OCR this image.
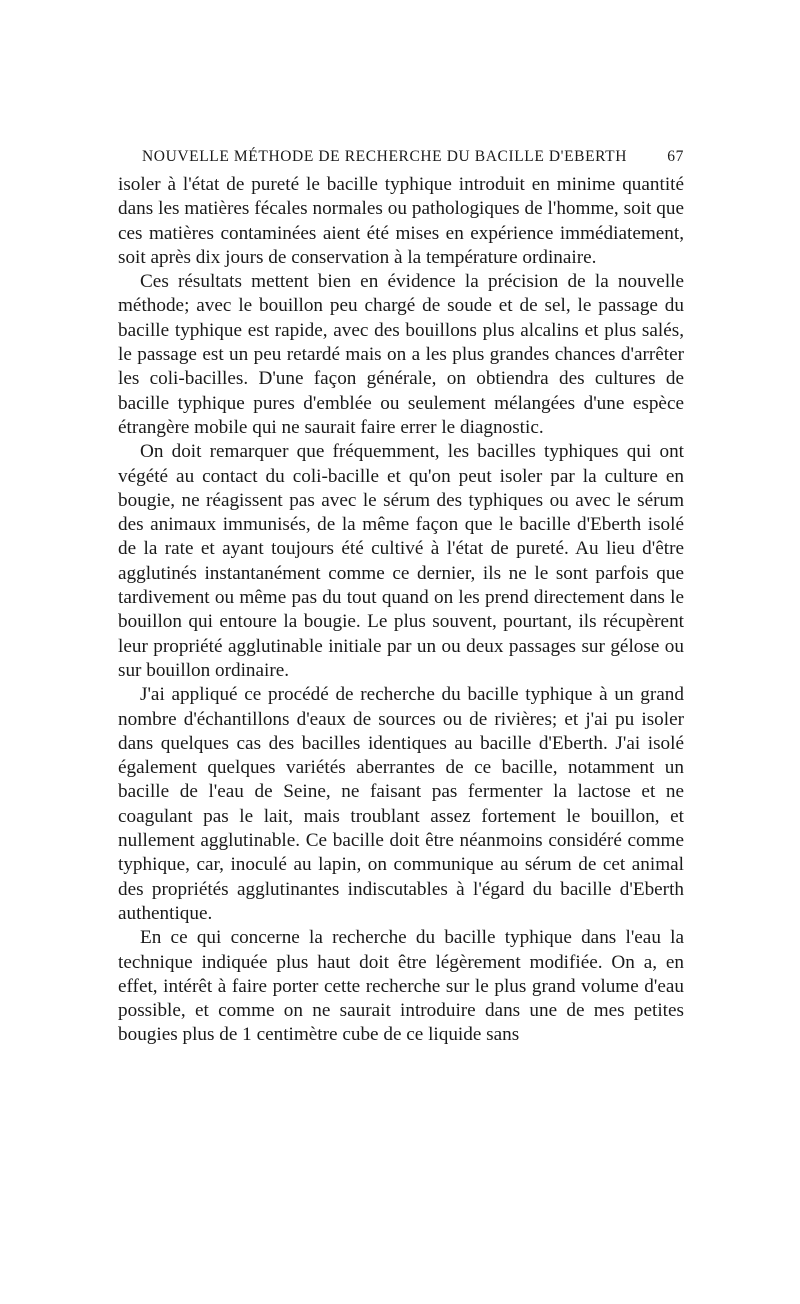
NOUVELLE MÉTHODE DE RECHERCHE DU BACILLE D'EBERTH	67

isoler à l'état de pureté le bacille typhique introduit en minime quantité dans les matières fécales normales ou pathologiques de l'homme, soit que ces matières contaminées aient été mises en expérience immédiatement, soit après dix jours de conservation à la température ordinaire.

Ces résultats mettent bien en évidence la précision de la nouvelle méthode; avec le bouillon peu chargé de soude et de sel, le passage du bacille typhique est rapide, avec des bouillons plus alcalins et plus salés, le passage est un peu retardé mais on a les plus grandes chances d'arrêter les coli-bacilles. D'une façon générale, on obtiendra des cultures de bacille typhique pures d'emblée ou seulement mélangées d'une espèce étrangère mobile qui ne saurait faire errer le diagnostic.

On doit remarquer que fréquemment, les bacilles typhiques qui ont végété au contact du coli-bacille et qu'on peut isoler par la culture en bougie, ne réagissent pas avec le sérum des typhiques ou avec le sérum des animaux immunisés, de la même façon que le bacille d'Eberth isolé de la rate et ayant toujours été cultivé à l'état de pureté. Au lieu d'être agglutinés instantanément comme ce dernier, ils ne le sont parfois que tardivement ou même pas du tout quand on les prend directement dans le bouillon qui entoure la bougie. Le plus souvent, pourtant, ils récupèrent leur propriété agglutinable initiale par un ou deux passages sur gélose ou sur bouillon ordinaire.

J'ai appliqué ce procédé de recherche du bacille typhique à un grand nombre d'échantillons d'eaux de sources ou de rivières; et j'ai pu isoler dans quelques cas des bacilles identiques au bacille d'Eberth. J'ai isolé également quelques variétés aberrantes de ce bacille, notamment un bacille de l'eau de Seine, ne faisant pas fermenter la lactose et ne coagulant pas le lait, mais troublant assez fortement le bouillon, et nullement agglutinable. Ce bacille doit être néanmoins considéré comme typhique, car, inoculé au lapin, on communique au sérum de cet animal des propriétés agglutinantes indiscutables à l'égard du bacille d'Eberth authentique.

En ce qui concerne la recherche du bacille typhique dans l'eau la technique indiquée plus haut doit être légèrement modifiée. On a, en effet, intérêt à faire porter cette recherche sur le plus grand volume d'eau possible, et comme on ne saurait introduire dans une de mes petites bougies plus de 1 centimètre cube de ce liquide sans
